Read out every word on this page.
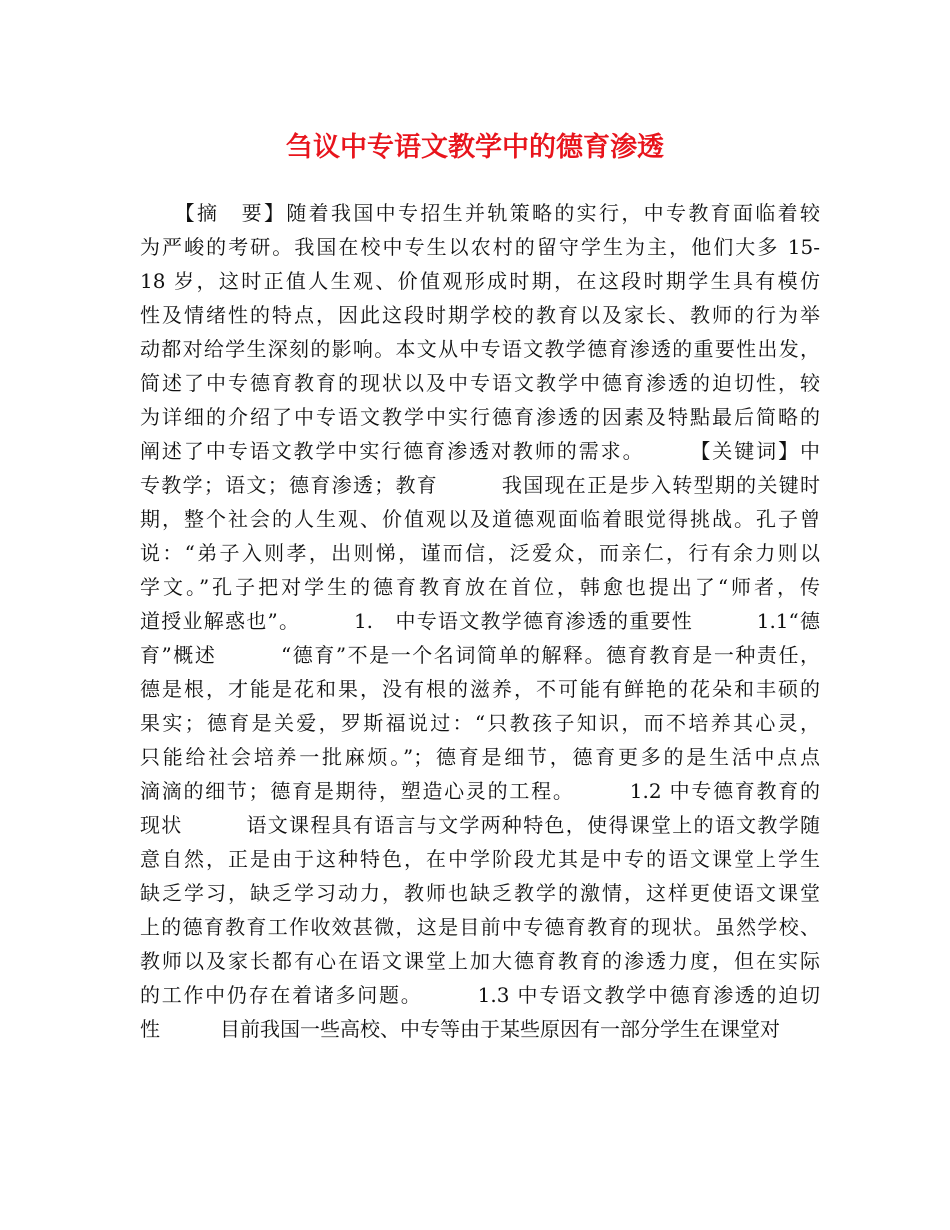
刍议中专语文教学中的德育渗透
　　【摘　要】随着我国中专招生并轨策略的实行，中专教育面临着较
为严峻的考研。我国在校中专生以农村的留守学生为主，他们大多 15-
18 岁，这时正值人生观、价值观形成时期，在这段时期学生具有模仿
性及情绪性的特点，因此这段时期学校的教育以及家长、教师的行为举
动都对给学生深刻的影响。本文从中专语文教学德育渗透的重要性出发，
简述了中专德育教育的现状以及中专语文教学中德育渗透的迫切性，较
为详细的介绍了中专语文教学中实行德育渗透的因素及特點最后简略的
阐述了中专语文教学中实行德育渗透对教师的需求。　　　【关键词】中
专教学；语文；德育渗透；教育　　　我国现在正是步入转型期的关键时
期，整个社会的人生观、价值观以及道德观面临着眼觉得挑战。孔子曾
说：“弟子入则孝，出则悌，谨而信，泛爱众，而亲仁，行有余力则以
学文。”孔子把对学生的德育教育放在首位，韩愈也提出了“师者，传
道授业解惑也”。　　　1.　中专语文教学德育渗透的重要性　　　1.1“德
育”概述　　　“德育”不是一个名词简单的解释。德育教育是一种责任，
德是根，才能是花和果，没有根的滋养，不可能有鲜艳的花朵和丰硕的
果实；德育是关爱，罗斯福说过：“只教孩子知识，而不培养其心灵，
只能给社会培养一批麻烦。”；德育是细节，德育更多的是生活中点点
滴滴的细节；德育是期待，塑造心灵的工程。　　　1.2 中专德育教育的
现状　　　语文课程具有语言与文学两种特色，使得课堂上的语文教学随
意自然，正是由于这种特色，在中学阶段尤其是中专的语文课堂上学生
缺乏学习，缺乏学习动力，教师也缺乏教学的激情，这样更使语文课堂
上的德育教育工作收效甚微，这是目前中专德育教育的现状。虽然学校、
教师以及家长都有心在语文课堂上加大德育教育的渗透力度，但在实际
的工作中仍存在着诸多问题。　　　1.3 中专语文教学中德育渗透的迫切
性　　　目前我国一些高校、中专等由于某些原因有一部分学生在课堂对
